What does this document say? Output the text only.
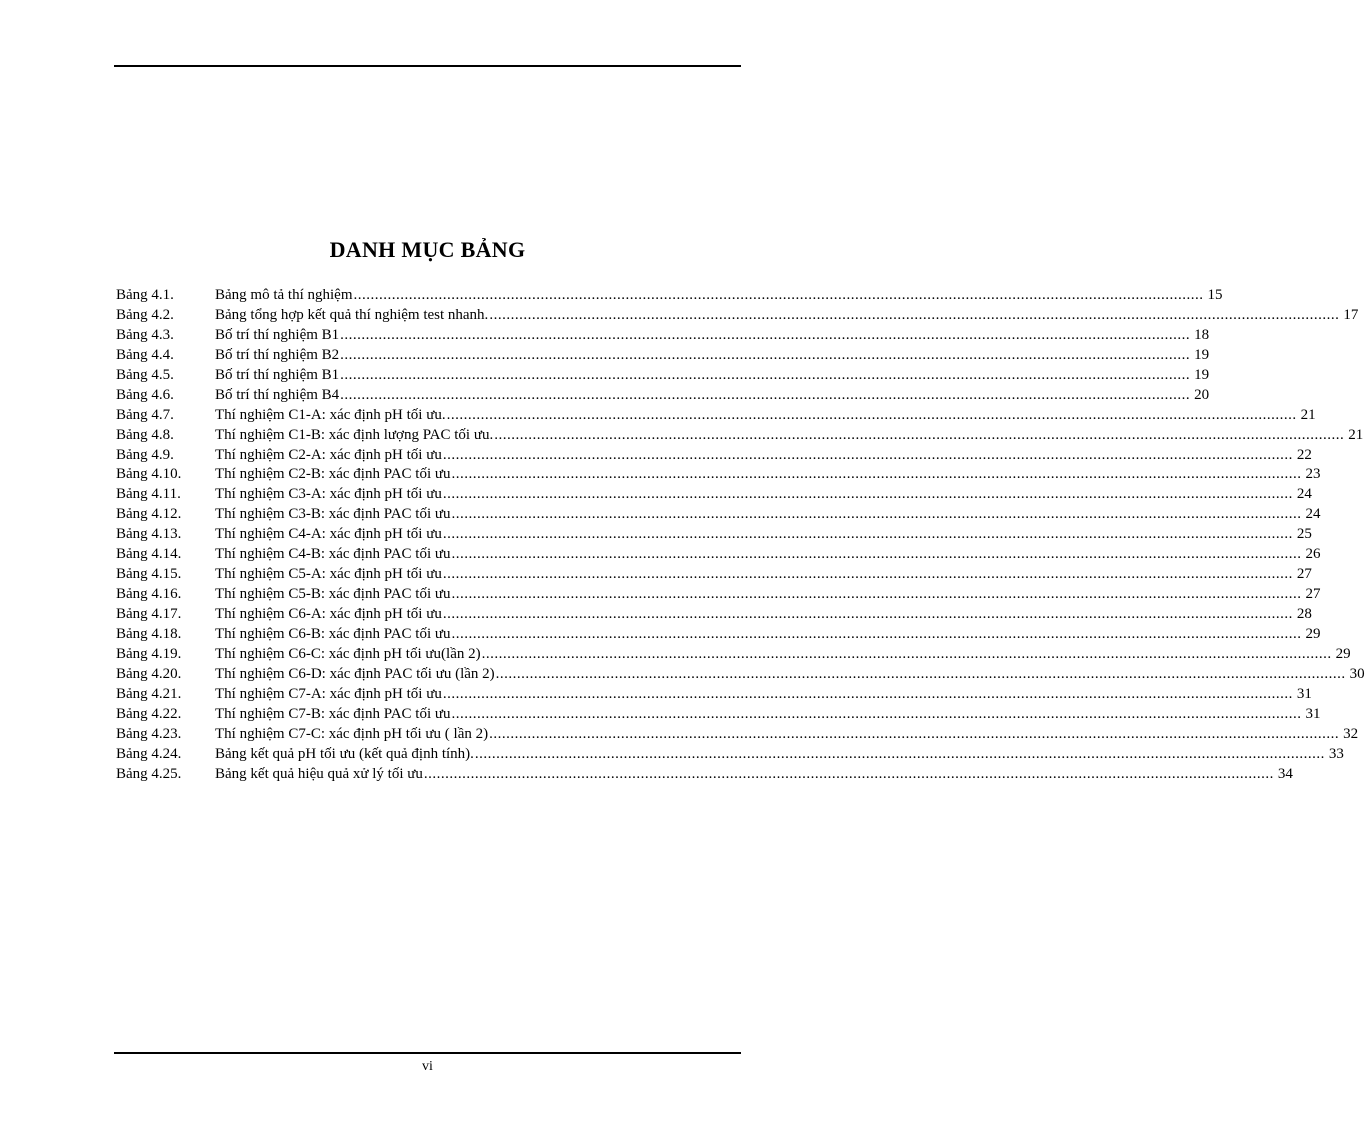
DANH MỤC BẢNG
Bảng 4.1.	Bảng mô tả thí nghiệm .....	15
Bảng 4.2.	Bảng tổng hợp kết quả thí nghiệm test nhanh. .....	17
Bảng 4.3.	Bố trí thí nghiệm B1 .....	18
Bảng 4.4.	Bố trí thí nghiệm B2 .....	19
Bảng 4.5.	Bố trí thí nghiệm B1 .....	19
Bảng 4.6.	Bố trí thí nghiệm B4 .....	20
Bảng 4.7.	Thí nghiệm C1-A: xác định pH tối ưu. .....	21
Bảng 4.8.	Thí nghiệm C1-B: xác định lượng PAC tối ưu. .....	21
Bảng 4.9.	Thí nghiệm C2-A: xác định pH tối ưu .....	22
Bảng 4.10.	Thí nghiệm C2-B: xác định PAC tối ưu .....	23
Bảng 4.11.	Thí nghiệm C3-A: xác định pH tối ưu .....	24
Bảng 4.12.	Thí nghiệm C3-B: xác định PAC tối ưu .....	24
Bảng 4.13.	Thí nghiệm C4-A: xác định pH tối ưu .....	25
Bảng 4.14.	Thí nghiệm C4-B: xác định PAC tối ưu .....	26
Bảng 4.15.	Thí nghiệm C5-A: xác định pH tối ưu .....	27
Bảng 4.16.	Thí nghiệm C5-B: xác định PAC tối ưu .....	27
Bảng 4.17.	Thí nghiệm C6-A: xác định pH tối ưu .....	28
Bảng 4.18.	Thí nghiệm C6-B: xác định PAC tối ưu .....	29
Bảng 4.19.	Thí nghiệm C6-C: xác định pH tối ưu(lần 2) .....	29
Bảng 4.20.	Thí nghiệm C6-D: xác định PAC tối ưu (lần 2) .....	30
Bảng 4.21.	Thí nghiệm C7-A: xác định pH tối ưu .....	31
Bảng 4.22.	Thí nghiệm C7-B: xác định PAC tối ưu .....	31
Bảng 4.23.	Thí nghiệm C7-C: xác định pH tối ưu ( lần 2) .....	32
Bảng 4.24.	Bảng kết quả pH tối ưu (kết quả định tính). .....	33
Bảng 4.25.	Bảng kết quả hiệu quả xử lý tối ưu .....	34
vi
